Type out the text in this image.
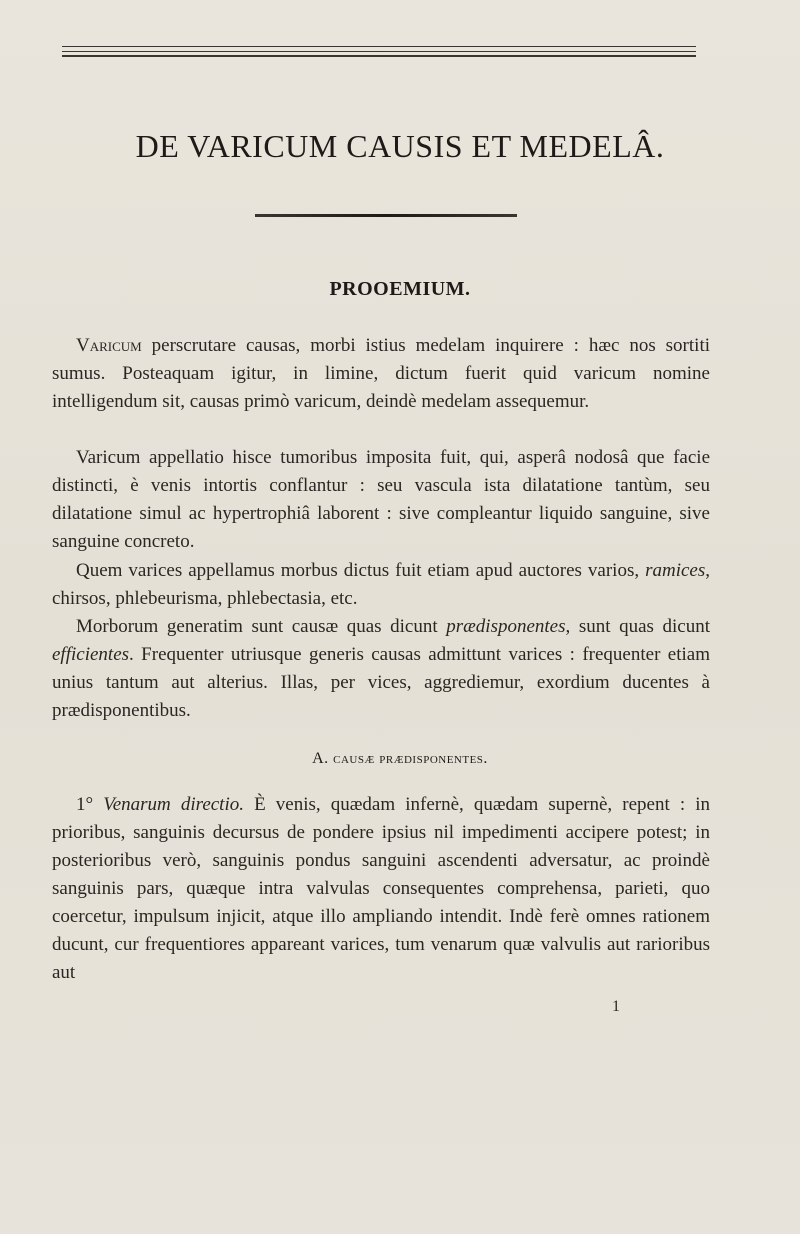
DE VARICUM CAUSIS ET MEDELÂ.
PROOEMIUM.

Varicum perscrutare causas, morbi istius medelam inquirere : hæc nos sortiti sumus. Posteaquam igitur, in limine, dictum fuerit quid varicum nomine intelligendum sit, causas primò varicum, deindè medelam assequemur.

Varicum appellatio hisce tumoribus imposita fuit, qui, asperâ nodosâ que facie distincti, è venis intortis conflantur : seu vascula ista dilatatione tantùm, seu dilatatione simul ac hypertrophiâ laborent : sive compleantur liquido sanguine, sive sanguine concreto.

Quem varices appellamus morbus dictus fuit etiam apud auctores varios, ramices, chirsos, phlebeurisma, phlebectasia, etc.

Morborum generatim sunt causæ quas dicunt prædisponentes, sunt quas dicunt efficientes. Frequenter utriusque generis causas admittunt varices : frequenter etiam unius tantum aut alterius. Illas, per vices, aggrediemur, exordium ducentes à prædisponentibus.

A. causæ prædisponentes.

1° Venarum directio. È venis, quædam infernè, quædam supernè, repent : in prioribus, sanguinis decursus de pondere ipsius nil impedimenti accipere potest; in posterioribus verò, sanguinis pondus sanguini ascendenti adversatur, ac proindè sanguinis pars, quæque intra valvulas consequentes comprehensa, parieti, quo coercetur, impulsum injicit, atque illo ampliando intendit. Indè ferè omnes rationem ducunt, cur frequentiores appareant varices, tum venarum quæ valvulis aut rarioribus aut

1
